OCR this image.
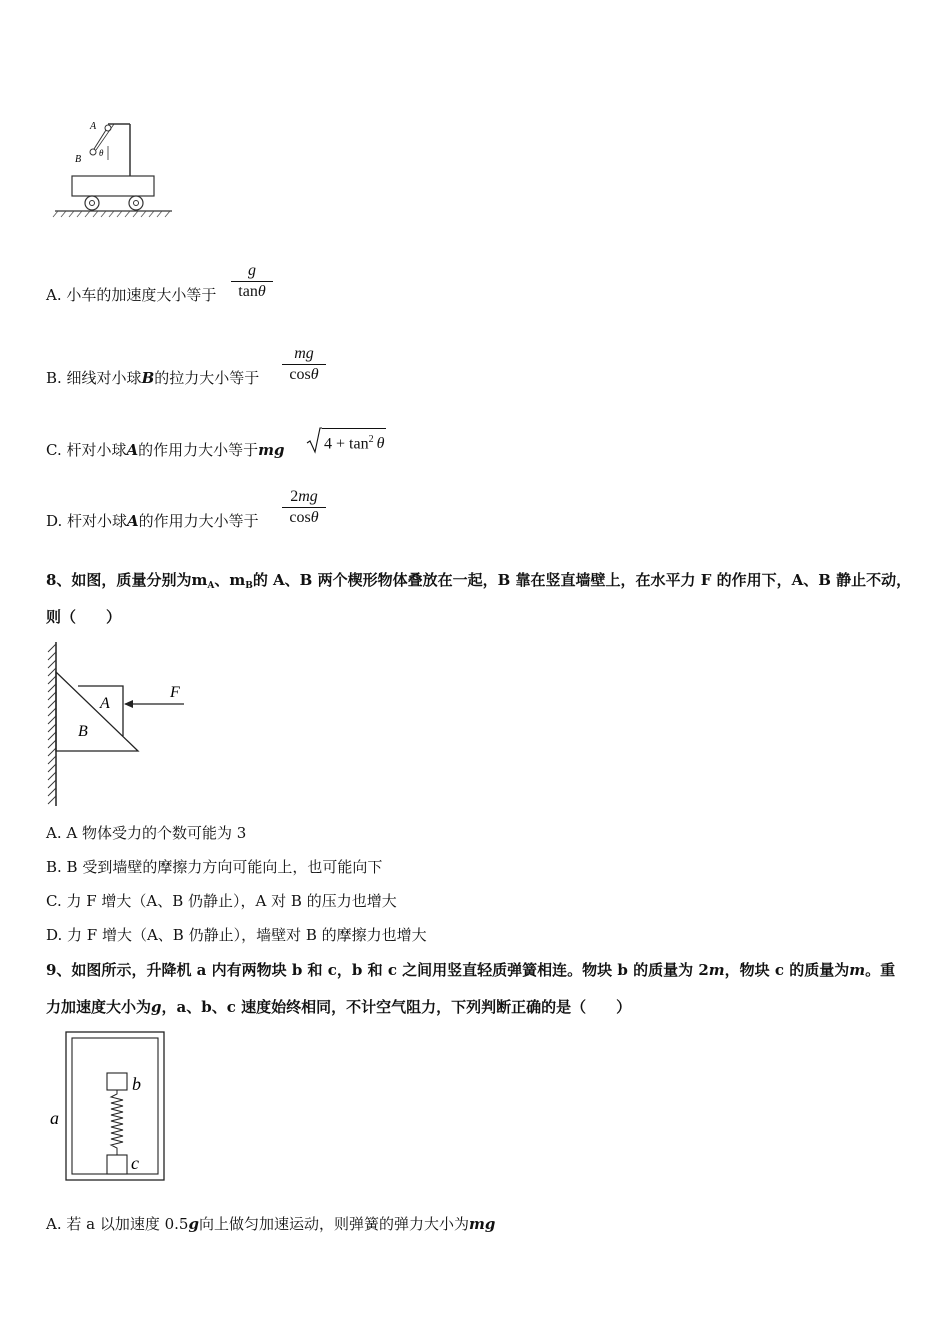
A
B
θ
A. 小车的加速度大小等于
g
tanθ
B. 细线对小球B的拉力大小等于
mg
cosθ
C. 杆对小球A的作用力大小等于mg $4 + \tan^2 \theta$
D. 杆对小球A的作用力大小等于
2mg
cosθ
8、如图，质量分别为$m_A$、$m_B$的 A、B 两个楔形物体叠放在一起，B 靠在竖直墙壁上，在水平力 F 的作用下，A、B 静止不动，
则（　　）
F
A
B
A. A 物体受力的个数可能为 3
B. B 受到墙壁的摩擦力方向可能向上，也可能向下
C. 力 F 增大（A、B 仍静止），A 对 B 的压力也增大
D. 力 F 增大（A、B 仍静止），墙壁对 B 的摩擦力也增大
9、如图所示，升降机 a 内有两物块 b 和 c，b 和 c 之间用竖直轻质弹簧相连。物块 b 的质量为 2m，物块 c 的质量为m。重
力加速度大小为g，a、b、c 速度始终相同，不计空气阻力，下列判断正确的是（　　）
b
c
a
A. 若 a 以加速度 0.5g向上做匀加速运动，则弹簧的弹力大小为mg
